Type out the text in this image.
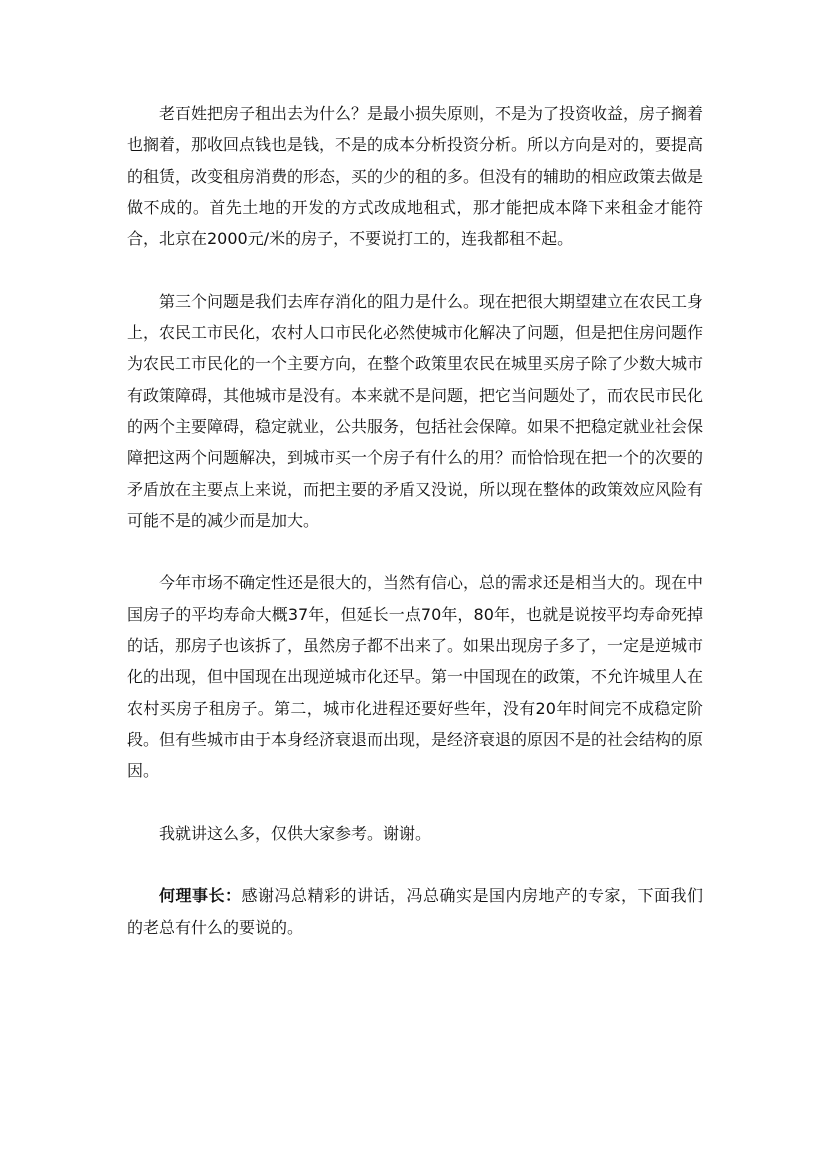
老百姓把房子租出去为什么？是最小损失原则，不是为了投资收益，房子搁着也搁着，那收回点钱也是钱，不是的成本分析投资分析。所以方向是对的，要提高的租赁，改变租房消费的形态，买的少的租的多。但没有的辅助的相应政策去做是做不成的。首先土地的开发的方式改成地租式，那才能把成本降下来租金才能符合，北京在2000元/米的房子，不要说打工的，连我都租不起。

第三个问题是我们去库存消化的阻力是什么。现在把很大期望建立在农民工身上，农民工市民化，农村人口市民化必然使城市化解决了问题，但是把住房问题作为农民工市民化的一个主要方向，在整个政策里农民在城里买房子除了少数大城市有政策障碍，其他城市是没有。本来就不是问题，把它当问题处了，而农民市民化的两个主要障碍，稳定就业，公共服务，包括社会保障。如果不把稳定就业社会保障把这两个问题解决，到城市买一个房子有什么的用？而恰恰现在把一个的次要的矛盾放在主要点上来说，而把主要的矛盾又没说，所以现在整体的政策效应风险有可能不是的减少而是加大。

今年市场不确定性还是很大的，当然有信心，总的需求还是相当大的。现在中国房子的平均寿命大概37年，但延长一点70年，80年，也就是说按平均寿命死掉的话，那房子也该拆了，虽然房子都不出来了。如果出现房子多了，一定是逆城市化的出现，但中国现在出现逆城市化还早。第一中国现在的政策，不允许城里人在农村买房子租房子。第二，城市化进程还要好些年，没有20年时间完不成稳定阶段。但有些城市由于本身经济衰退而出现，是经济衰退的原因不是的社会结构的原因。

我就讲这么多，仅供大家参考。谢谢。

何理事长：感谢冯总精彩的讲话，冯总确实是国内房地产的专家，下面我们的老总有什么的要说的。
